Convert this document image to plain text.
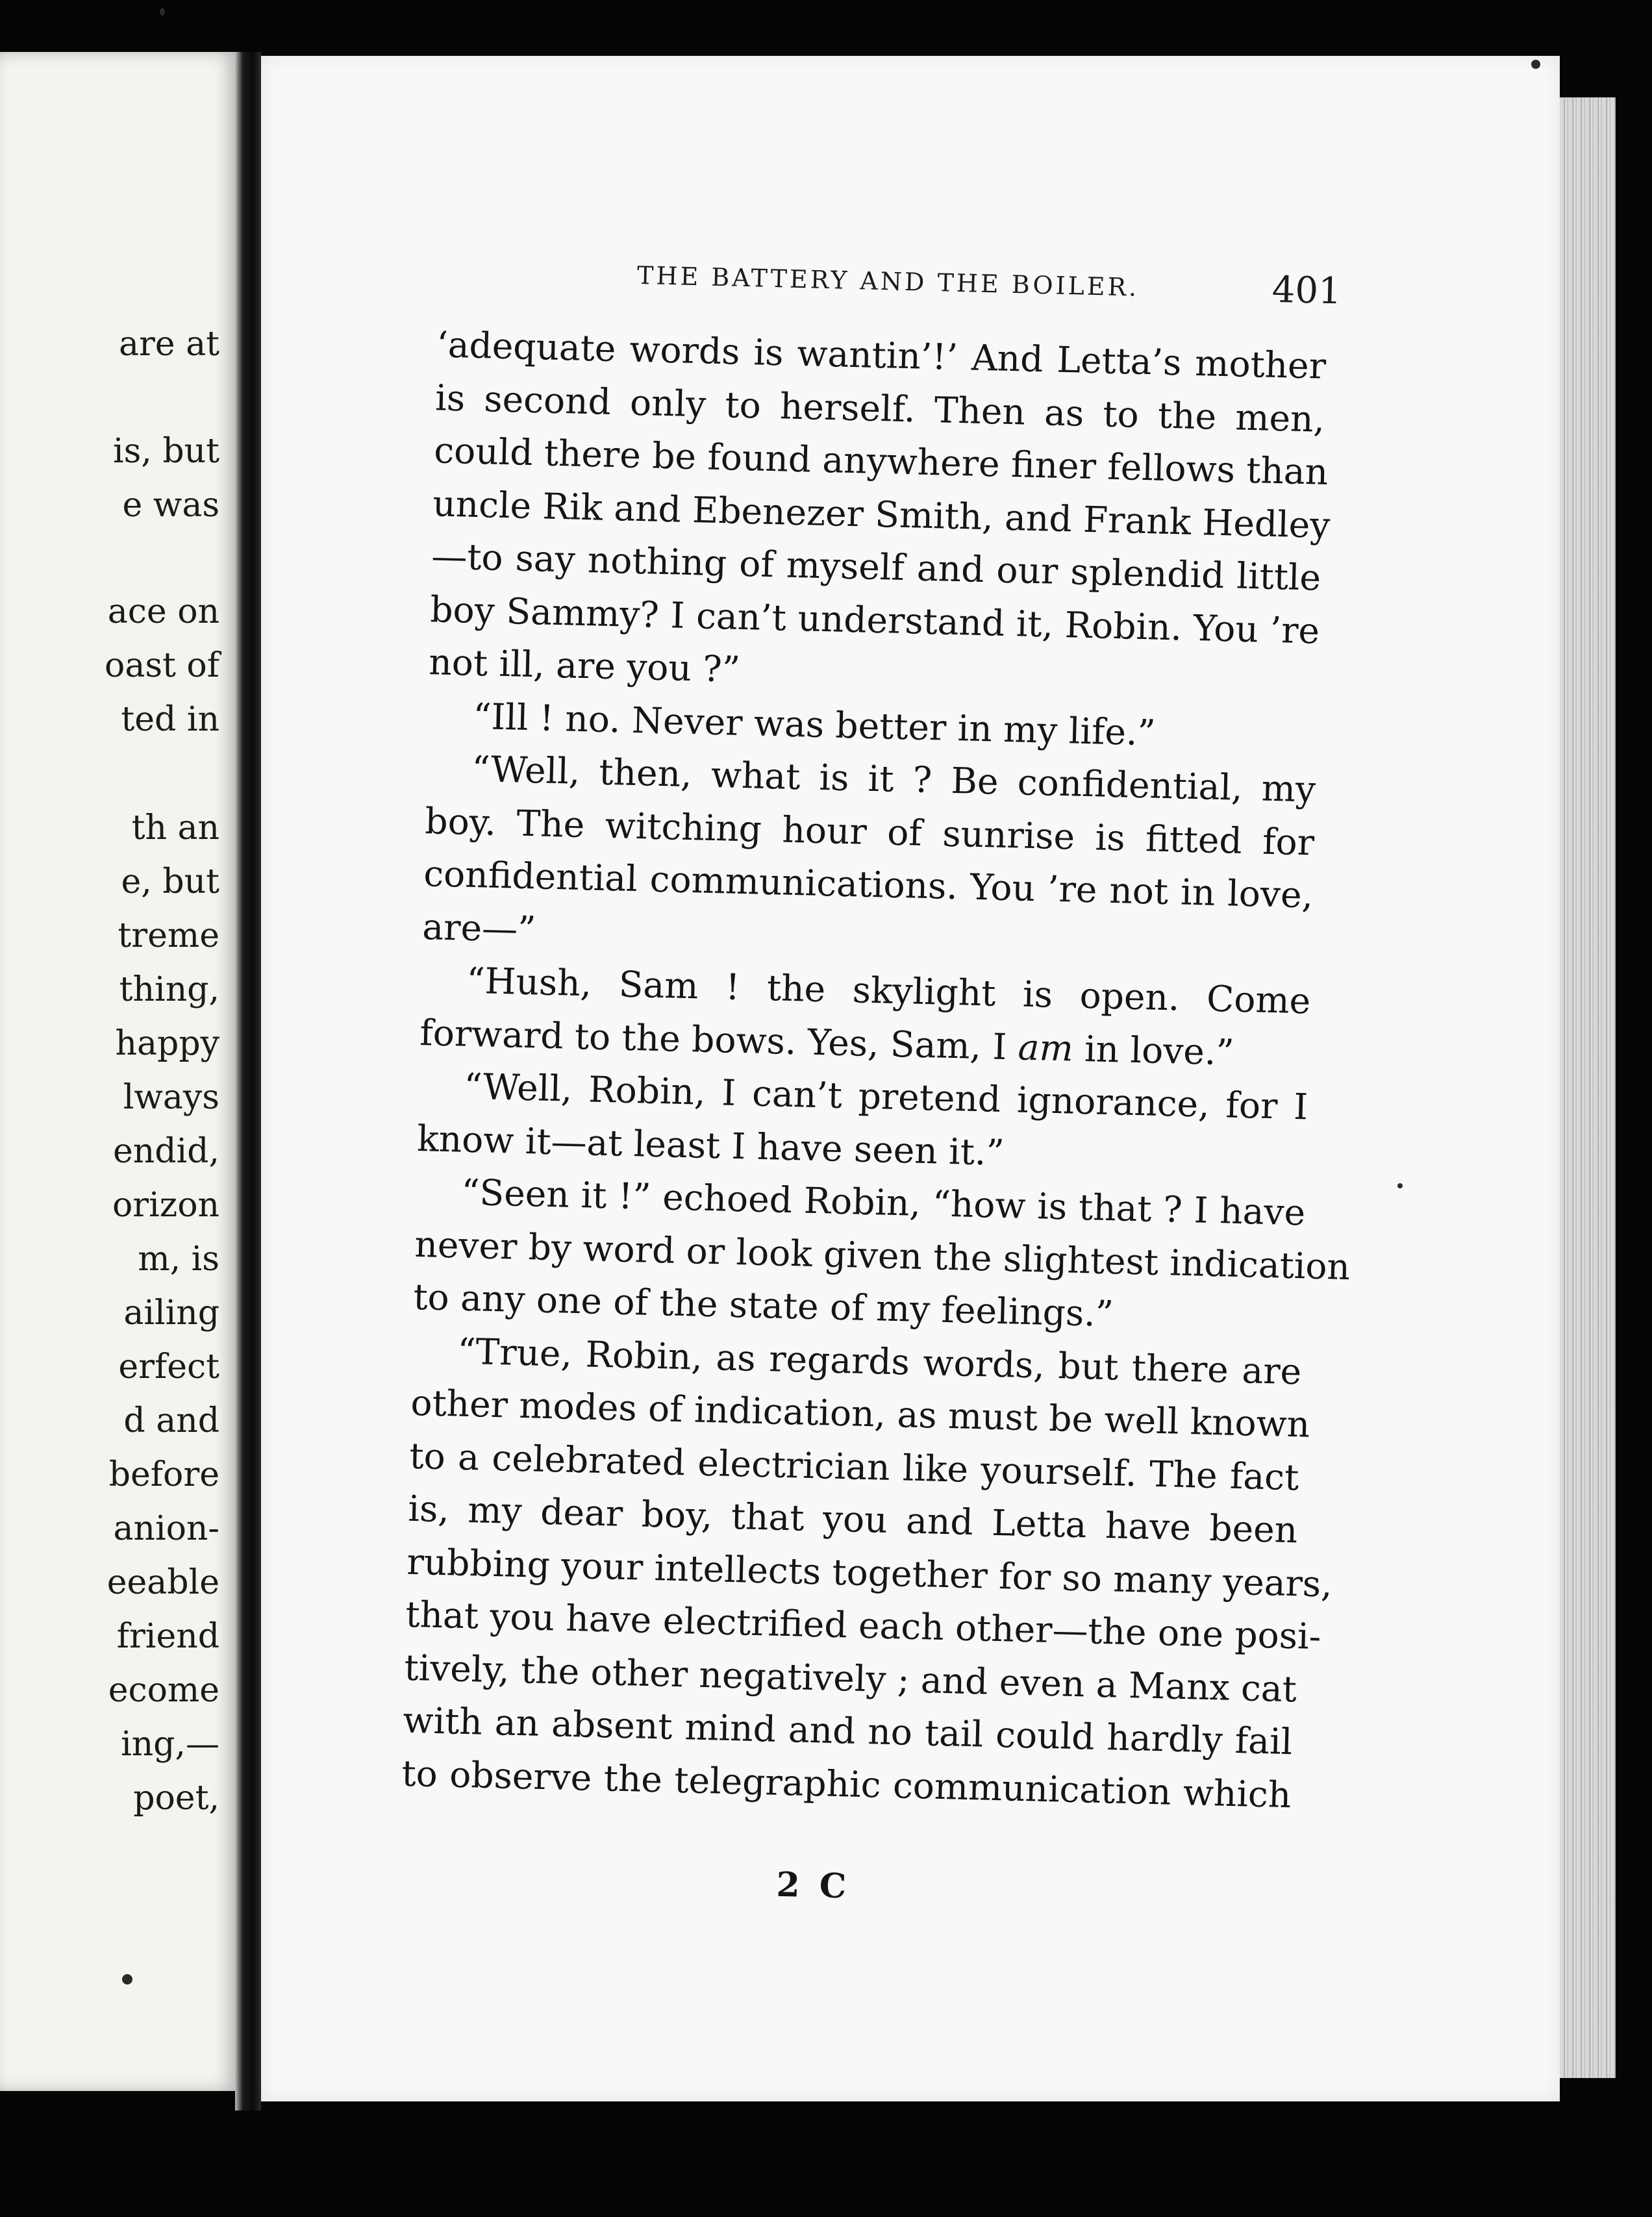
are at
is, but
e was
ace on
oast of
ted in
th an
e, but
treme
thing,
happy
lways
endid,
orizon
m, is
ailing
erfect
d and
before
anion-
eeable
friend
ecome
ing,—
poet,
THE BATTERY AND THE BOILER.	401
‘adequate words is wantin’!’ And Letta’s mother
is second only to herself. Then as to the men,
could there be found anywhere finer fellows than
uncle Rik and Ebenezer Smith, and Frank Hedley
—to say nothing of myself and our splendid little
boy Sammy? I can’t understand it, Robin. You ’re
not ill, are you ?”
“Ill ! no. Never was better in my life.”
“Well, then, what is it ? Be confidential, my
boy. The witching hour of sunrise is fitted for
confidential communications. You ’re not in love,
are—”
“Hush, Sam ! the skylight is open. Come
forward to the bows. Yes, Sam, I am in love.”
“Well, Robin, I can’t pretend ignorance, for I
know it—at least I have seen it.”
“Seen it !” echoed Robin, “how is that ? I have
never by word or look given the slightest indication
to any one of the state of my feelings.”
“True, Robin, as regards words, but there are
other modes of indication, as must be well known
to a celebrated electrician like yourself. The fact
is, my dear boy, that you and Letta have been
rubbing your intellects together for so many years,
that you have electrified each other—the one posi-
tively, the other negatively ; and even a Manx cat
with an absent mind and no tail could hardly fail
to observe the telegraphic communication which
2 C
